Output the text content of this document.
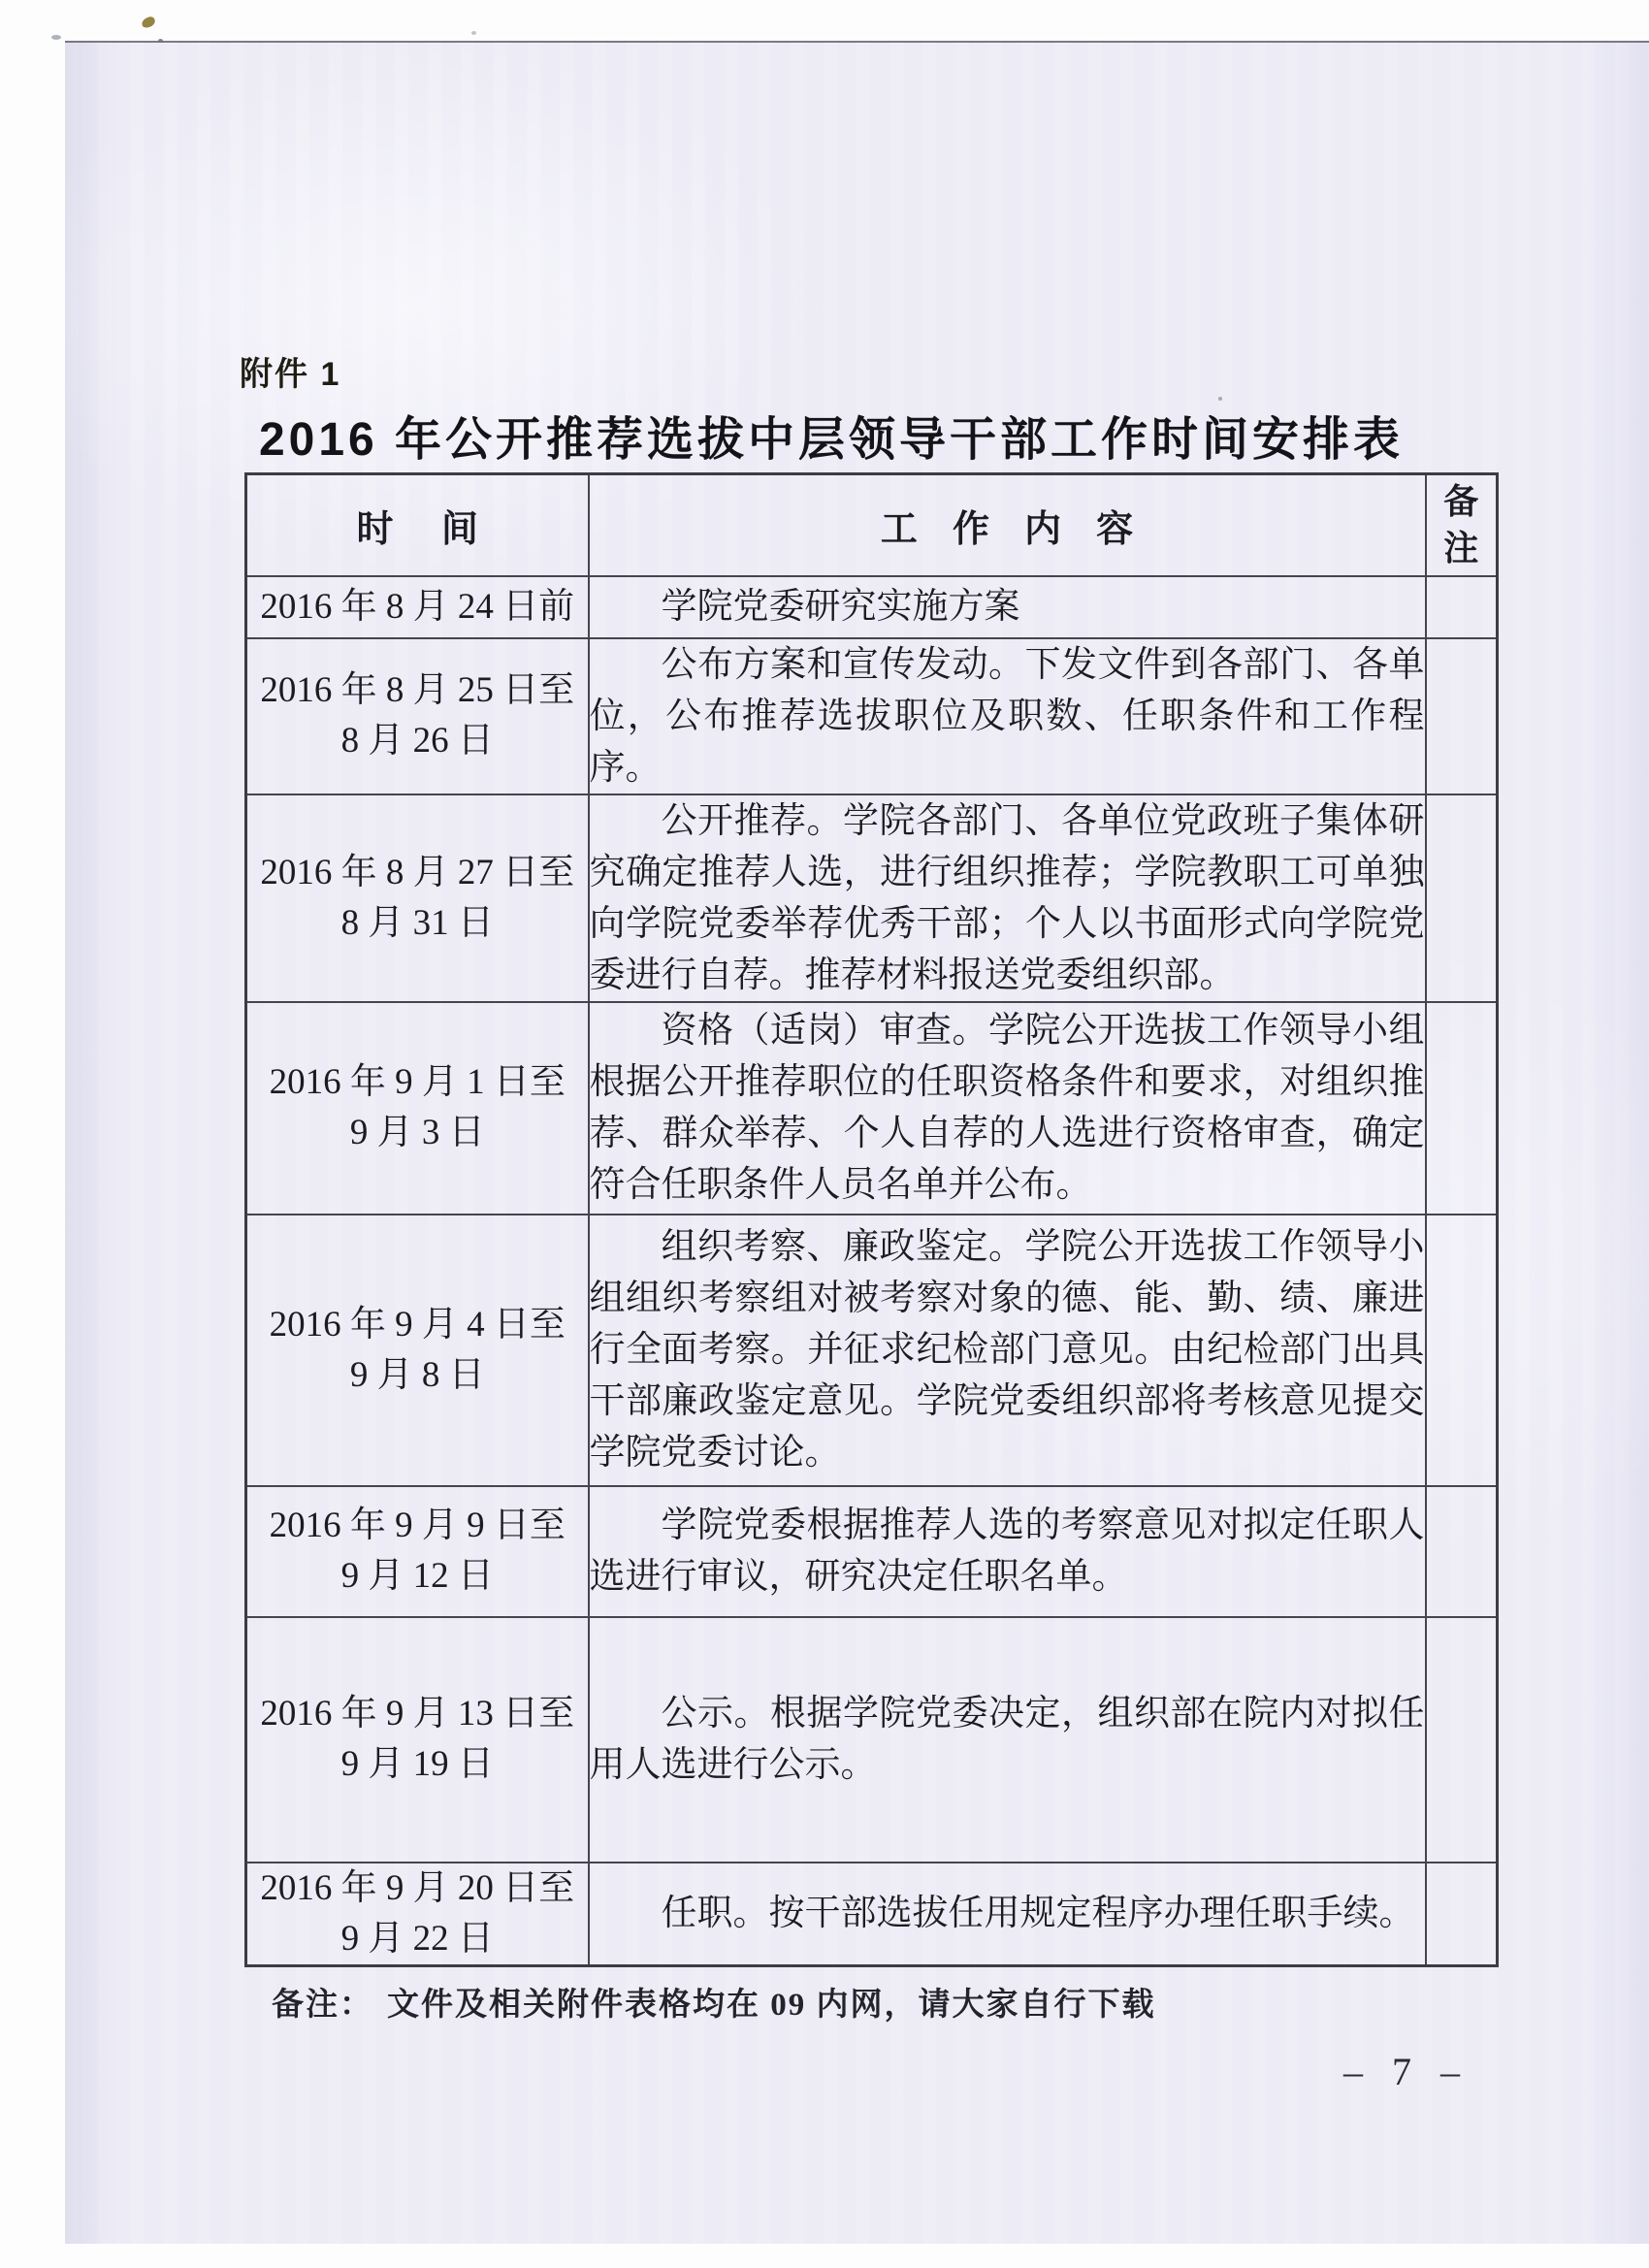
附件 1
2016 年公开推荐选拔中层领导干部工作时间安排表
时间	工作内容	备注

2016 年 8 月 24 日前	学院党委研究实施方案	

2016 年 8 月 25 日至
8 月 26 日	公布方案和宣传发动。下发文件到各部门、各单位，公布推荐选拔职位及职数、任职条件和工作程序。	

2016 年 8 月 27 日至
8 月 31 日	公开推荐。学院各部门、各单位党政班子集体研究确定推荐人选，进行组织推荐；学院教职工可单独向学院党委举荐优秀干部；个人以书面形式向学院党委进行自荐。推荐材料报送党委组织部。	

2016 年 9 月 1 日至
9 月 3 日	资格（适岗）审查。学院公开选拔工作领导小组根据公开推荐职位的任职资格条件和要求，对组织推荐、群众举荐、个人自荐的人选进行资格审查，确定符合任职条件人员名单并公布。	

2016 年 9 月 4 日至
9 月 8 日	组织考察、廉政鉴定。学院公开选拔工作领导小组组织考察组对被考察对象的德、能、勤、绩、廉进行全面考察。并征求纪检部门意见。由纪检部门出具干部廉政鉴定意见。学院党委组织部将考核意见提交学院党委讨论。	

2016 年 9 月 9 日至
9 月 12 日	学院党委根据推荐人选的考察意见对拟定任职人选进行审议，研究决定任职名单。	

2016 年 9 月 13 日至
9 月 19 日	公示。根据学院党委决定，组织部在院内对拟任用人选进行公示。	

2016 年 9 月 20 日至
9 月 22 日	任职。按干部选拔任用规定程序办理任职手续。	

备注： 文件及相关附件表格均在 09 内网，请大家自行下载
– 7 –
